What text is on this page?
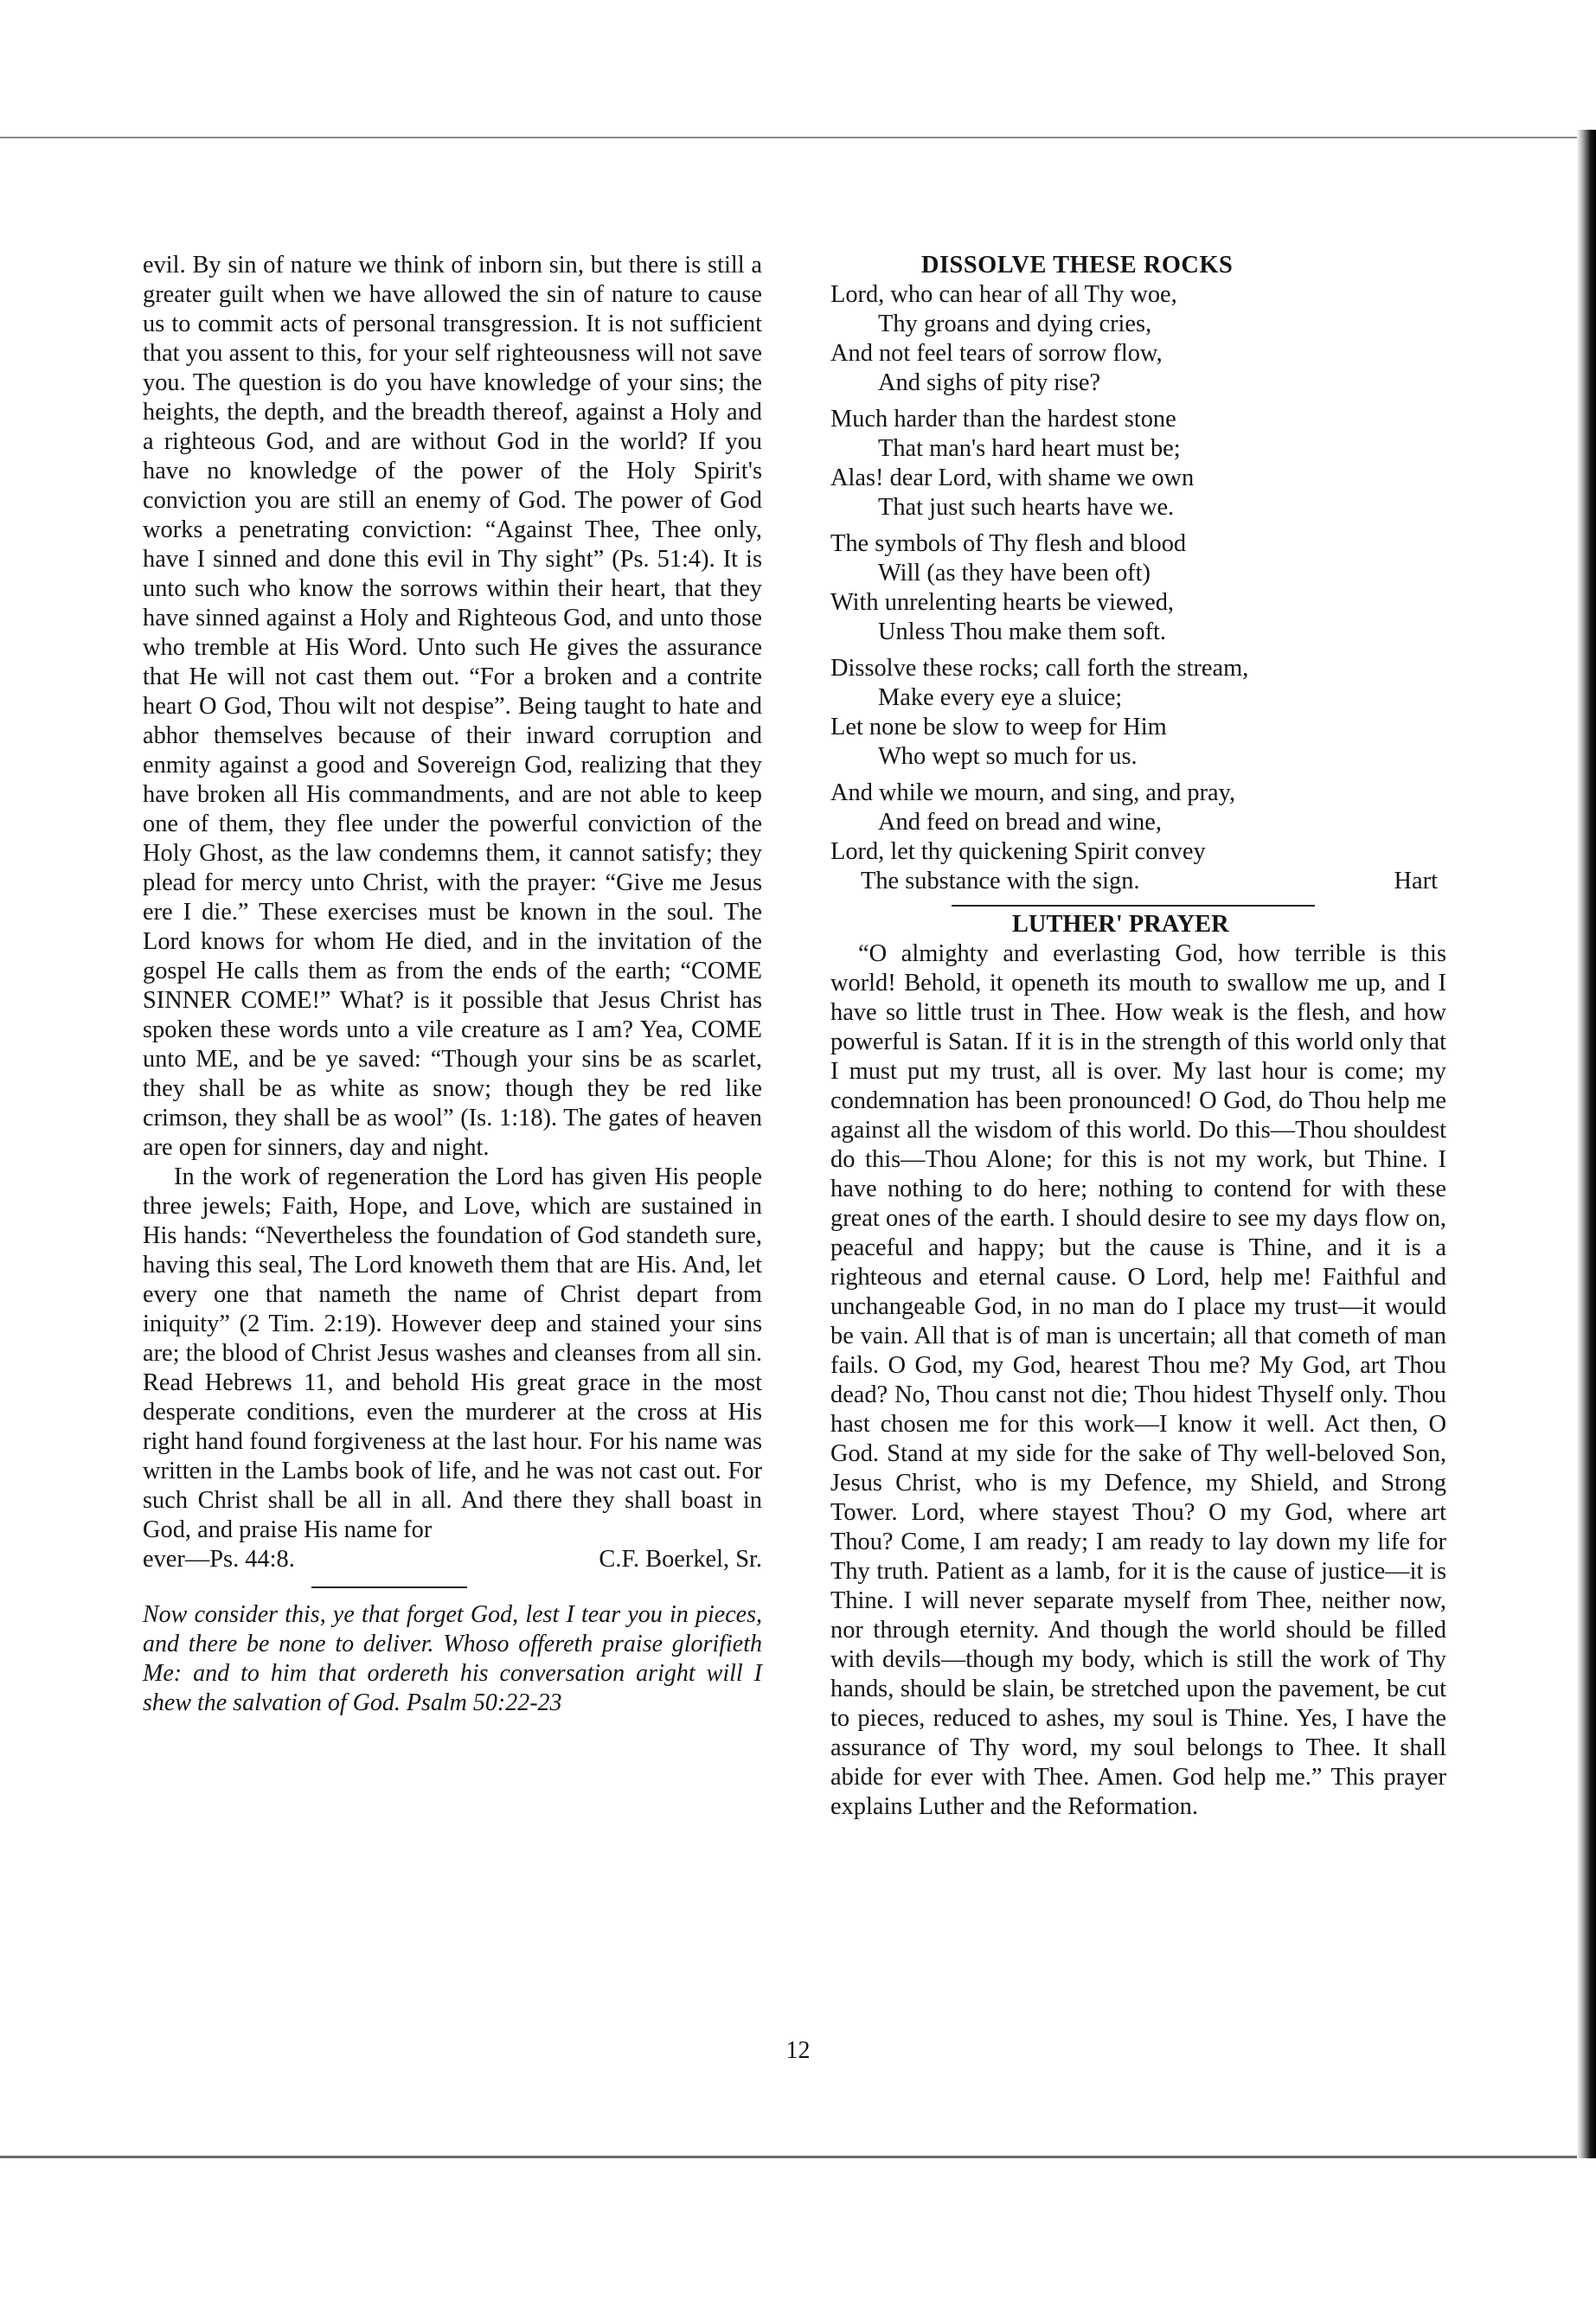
evil. By sin of nature we think of inborn sin, but there is still a greater guilt when we have allowed the sin of nature to cause us to commit acts of personal transgression. It is not sufficient that you assent to this, for your self righteousness will not save you. The question is do you have knowledge of your sins; the heights, the depth, and the breadth thereof, against a Holy and a righteous God, and are without God in the world? If you have no knowledge of the power of the Holy Spirit's conviction you are still an enemy of God. The power of God works a penetrating conviction: “Against Thee, Thee only, have I sinned and done this evil in Thy sight” (Ps. 51:4). It is unto such who know the sorrows within their heart, that they have sinned against a Holy and Righteous God, and unto those who tremble at His Word. Unto such He gives the assurance that He will not cast them out. “For a broken and a contrite heart O God, Thou wilt not despise”. Being taught to hate and abhor themselves because of their inward corruption and enmity against a good and Sovereign God, realizing that they have broken all His commandments, and are not able to keep one of them, they flee under the powerful conviction of the Holy Ghost, as the law condemns them, it cannot satisfy; they plead for mercy unto Christ, with the prayer: “Give me Jesus ere I die.” These exercises must be known in the soul. The Lord knows for whom He died, and in the invitation of the gospel He calls them as from the ends of the earth; “COME SINNER COME!” What? is it possible that Jesus Christ has spoken these words unto a vile creature as I am? Yea, COME unto ME, and be ye saved: “Though your sins be as scarlet, they shall be as white as snow; though they be red like crimson, they shall be as wool” (Is. 1:18). The gates of heaven are open for sinners, day and night.

In the work of regeneration the Lord has given His people three jewels; Faith, Hope, and Love, which are sustained in His hands: “Nevertheless the foundation of God standeth sure, having this seal, The Lord knoweth them that are His. And, let every one that nameth the name of Christ depart from iniquity” (2 Tim. 2:19). However deep and stained your sins are; the blood of Christ Jesus washes and cleanses from all sin. Read Hebrews 11, and behold His great grace in the most desperate conditions, even the murderer at the cross at His right hand found forgiveness at the last hour. For his name was written in the Lambs book of life, and he was not cast out. For such Christ shall be all in all. And there they shall boast in God, and praise His name for

ever—Ps. 44:8.	C.F. Boerkel, Sr.

Now consider this, ye that forget God, lest I tear you in pieces, and there be none to deliver. Whoso offereth praise glorifieth Me: and to him that ordereth his conversation aright will I shew the salvation of God. Psalm 50:22-23

DISSOLVE THESE ROCKS
Lord, who can hear of all Thy woe,
Thy groans and dying cries,
And not feel tears of sorrow flow,
And sighs of pity rise?
Much harder than the hardest stone
That man's hard heart must be;
Alas! dear Lord, with shame we own
That just such hearts have we.
The symbols of Thy flesh and blood
Will (as they have been oft)
With unrelenting hearts be viewed,
Unless Thou make them soft.
Dissolve these rocks; call forth the stream,
Make every eye a sluice;
Let none be slow to weep for Him
Who wept so much for us.
And while we mourn, and sing, and pray,
And feed on bread and wine,
Lord, let thy quickening Spirit convey
The substance with the sign.	Hart
LUTHER' PRAYER

“O almighty and everlasting God, how terrible is this world! Behold, it openeth its mouth to swallow me up, and I have so little trust in Thee. How weak is the flesh, and how powerful is Satan. If it is in the strength of this world only that I must put my trust, all is over. My last hour is come; my condemnation has been pronounced! O God, do Thou help me against all the wisdom of this world. Do this—Thou shouldest do this—Thou Alone; for this is not my work, but Thine. I have nothing to do here; nothing to contend for with these great ones of the earth. I should desire to see my days flow on, peaceful and happy; but the cause is Thine, and it is a righteous and eternal cause. O Lord, help me! Faithful and unchangeable God, in no man do I place my trust—it would be vain. All that is of man is uncertain; all that cometh of man fails. O God, my God, hearest Thou me? My God, art Thou dead? No, Thou canst not die; Thou hidest Thyself only. Thou hast chosen me for this work—I know it well. Act then, O God. Stand at my side for the sake of Thy well-beloved Son, Jesus Christ, who is my Defence, my Shield, and Strong Tower. Lord, where stayest Thou? O my God, where art Thou? Come, I am ready; I am ready to lay down my life for Thy truth. Patient as a lamb, for it is the cause of justice—it is Thine. I will never separate myself from Thee, neither now, nor through eternity. And though the world should be filled with devils—though my body, which is still the work of Thy hands, should be slain, be stretched upon the pavement, be cut to pieces, reduced to ashes, my soul is Thine. Yes, I have the assurance of Thy word, my soul belongs to Thee. It shall abide for ever with Thee. Amen. God help me.” This prayer explains Luther and the Reformation.

12
